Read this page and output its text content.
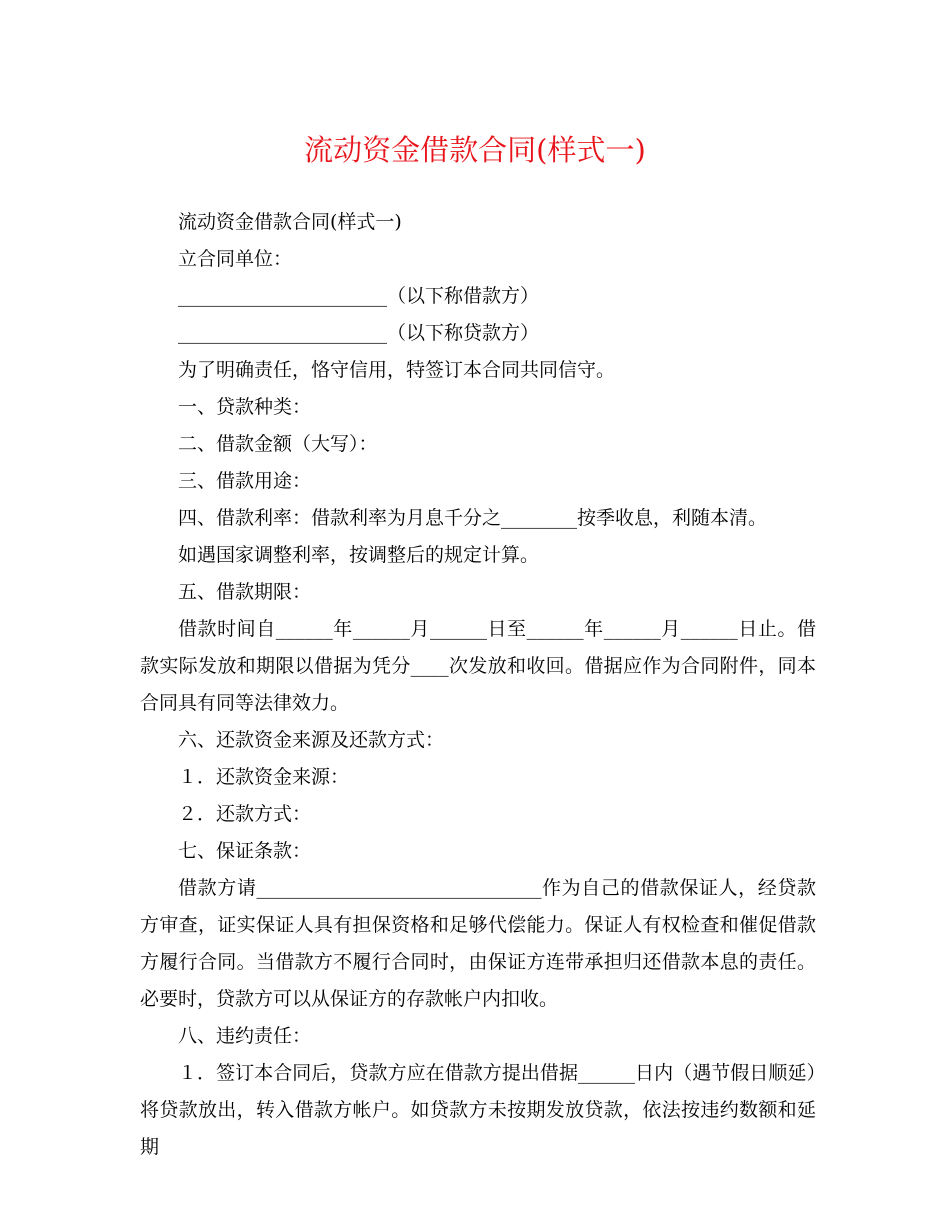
流动资金借款合同(样式一)

流动资金借款合同(样式一)

立合同单位：

______________________（以下称借款方）

______________________（以下称贷款方）

为了明确责任，恪守信用，特签订本合同共同信守。

一、贷款种类：

二、借款金额（大写）：

三、借款用途：

四、借款利率：借款利率为月息千分之________按季收息，利随本清。

如遇国家调整利率，按调整后的规定计算。

五、借款期限：

借款时间自______年______月______日至______年______月______日止。借款实际发放和期限以借据为凭分____次发放和收回。借据应作为合同附件，同本合同具有同等法律效力。

六、还款资金来源及还款方式：

１．还款资金来源：

２．还款方式：

七、保证条款：

借款方请______________________________作为自己的借款保证人，经贷款方审查，证实保证人具有担保资格和足够代偿能力。保证人有权检查和催促借款方履行合同。当借款方不履行合同时，由保证方连带承担归还借款本息的责任。必要时，贷款方可以从保证方的存款帐户内扣收。

八、违约责任：

１．签订本合同后，贷款方应在借款方提出借据______日内（遇节假日顺延）将贷款放出，转入借款方帐户。如贷款方未按期发放贷款，依法按违约数额和延期
